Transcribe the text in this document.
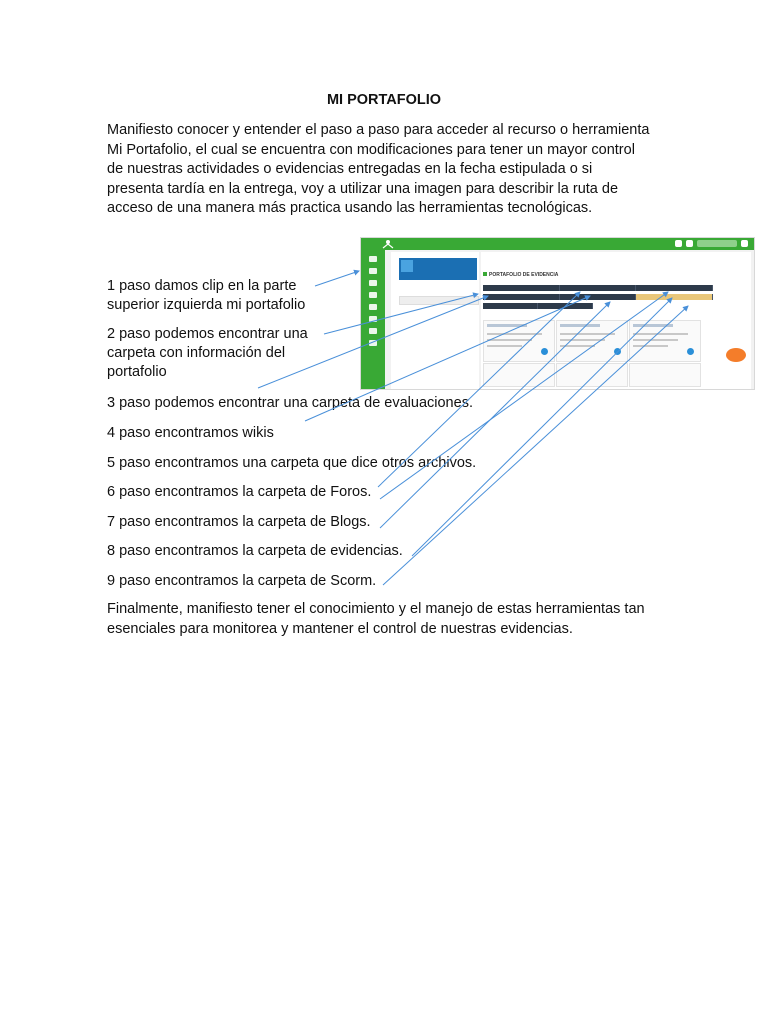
MI PORTAFOLIO
Manifiesto conocer y entender el paso a paso para acceder al recurso o herramienta Mi Portafolio, el cual se encuentra con modificaciones para tener un mayor control de nuestras actividades o evidencias entregadas en la fecha estipulada o si presenta tardía en la entrega, voy a utilizar una imagen para describir la ruta de acceso de una manera más practica usando las herramientas tecnológicas.
1 paso damos clip en la parte superior izquierda mi portafolio
2 paso podemos encontrar una carpeta con información del portafolio
3 paso podemos encontrar una carpeta de evaluaciones.
4 paso encontramos wikis
5 paso encontramos una carpeta que dice otros archivos.
6 paso encontramos la carpeta de Foros.
7 paso encontramos la carpeta de Blogs.
8 paso encontramos la carpeta de evidencias.
9 paso encontramos la carpeta de Scorm.
Finalmente, manifiesto tener el conocimiento y el manejo de estas herramientas tan esenciales para monitorea y mantener el control de nuestras evidencias.
PORTAFOLIO DE EVIDENCIA
